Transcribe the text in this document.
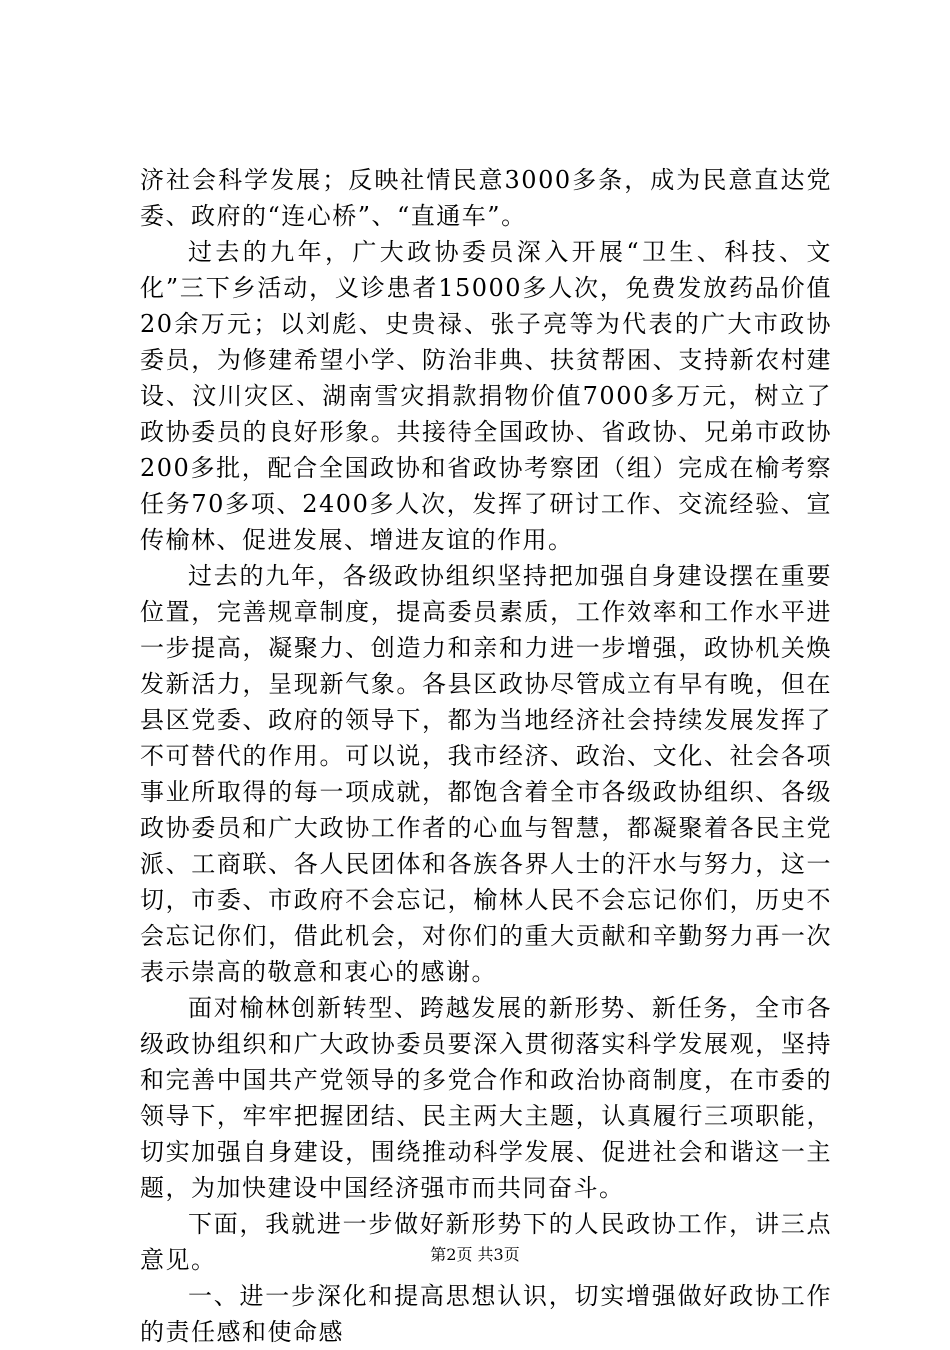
济社会科学发展；反映社情民意3000多条，成为民意直达党委、政府的“连心桥”、“直通车”。

过去的九年，广大政协委员深入开展“卫生、科技、文化”三下乡活动，义诊患者15000多人次，免费发放药品价值20余万元；以刘彪、史贵禄、张子亮等为代表的广大市政协委员，为修建希望小学、防治非典、扶贫帮困、支持新农村建设、汶川灾区、湖南雪灾捐款捐物价值7000多万元，树立了政协委员的良好形象。共接待全国政协、省政协、兄弟市政协200多批，配合全国政协和省政协考察团（组）完成在榆考察任务70多项、2400多人次，发挥了研讨工作、交流经验、宣传榆林、促进发展、增进友谊的作用。

过去的九年，各级政协组织坚持把加强自身建设摆在重要位置，完善规章制度，提高委员素质，工作效率和工作水平进一步提高，凝聚力、创造力和亲和力进一步增强，政协机关焕发新活力，呈现新气象。各县区政协尽管成立有早有晚，但在县区党委、政府的领导下，都为当地经济社会持续发展发挥了不可替代的作用。可以说，我市经济、政治、文化、社会各项事业所取得的每一项成就，都饱含着全市各级政协组织、各级政协委员和广大政协工作者的心血与智慧，都凝聚着各民主党派、工商联、各人民团体和各族各界人士的汗水与努力，这一切，市委、市政府不会忘记，榆林人民不会忘记你们，历史不会忘记你们，借此机会，对你们的重大贡献和辛勤努力再一次表示崇高的敬意和衷心的感谢。

面对榆林创新转型、跨越发展的新形势、新任务，全市各级政协组织和广大政协委员要深入贯彻落实科学发展观，坚持和完善中国共产党领导的多党合作和政治协商制度，在市委的领导下，牢牢把握团结、民主两大主题，认真履行三项职能，切实加强自身建设，围绕推动科学发展、促进社会和谐这一主题，为加快建设中国经济强市而共同奋斗。

下面，我就进一步做好新形势下的人民政协工作，讲三点意见。

一、进一步深化和提高思想认识，切实增强做好政协工作的责任感和使命感

第2页 共3页
